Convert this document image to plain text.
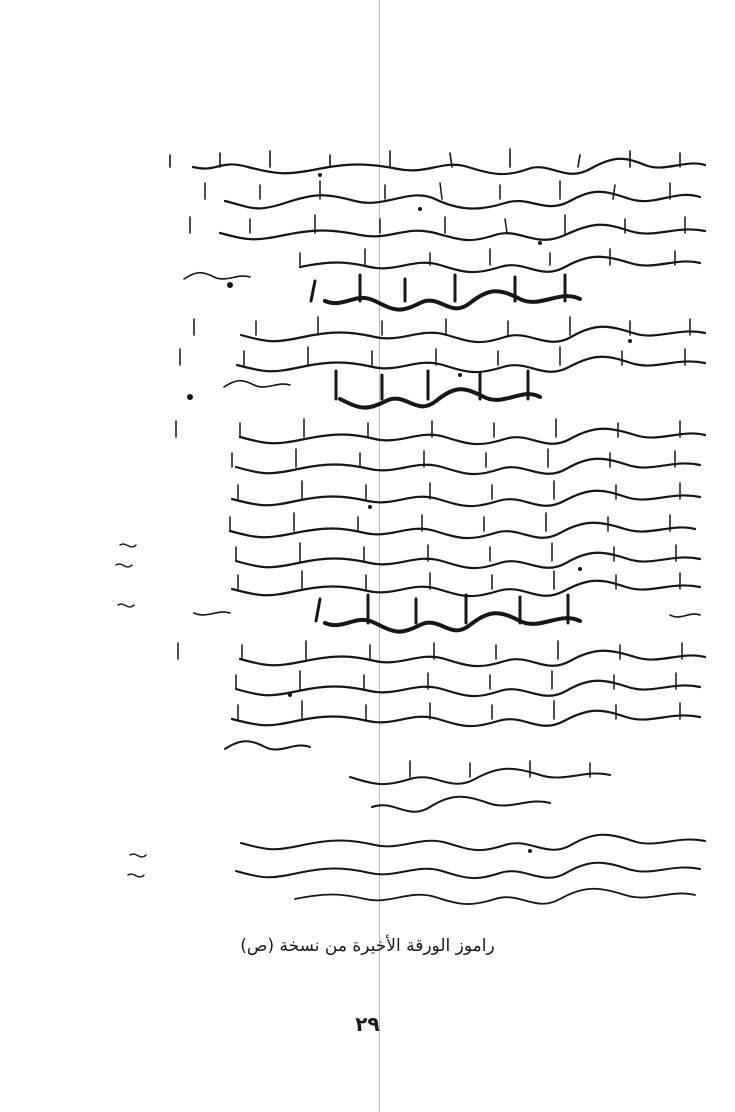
راموز الورقة الأخيرة من نسخة (ص)
٢٩
